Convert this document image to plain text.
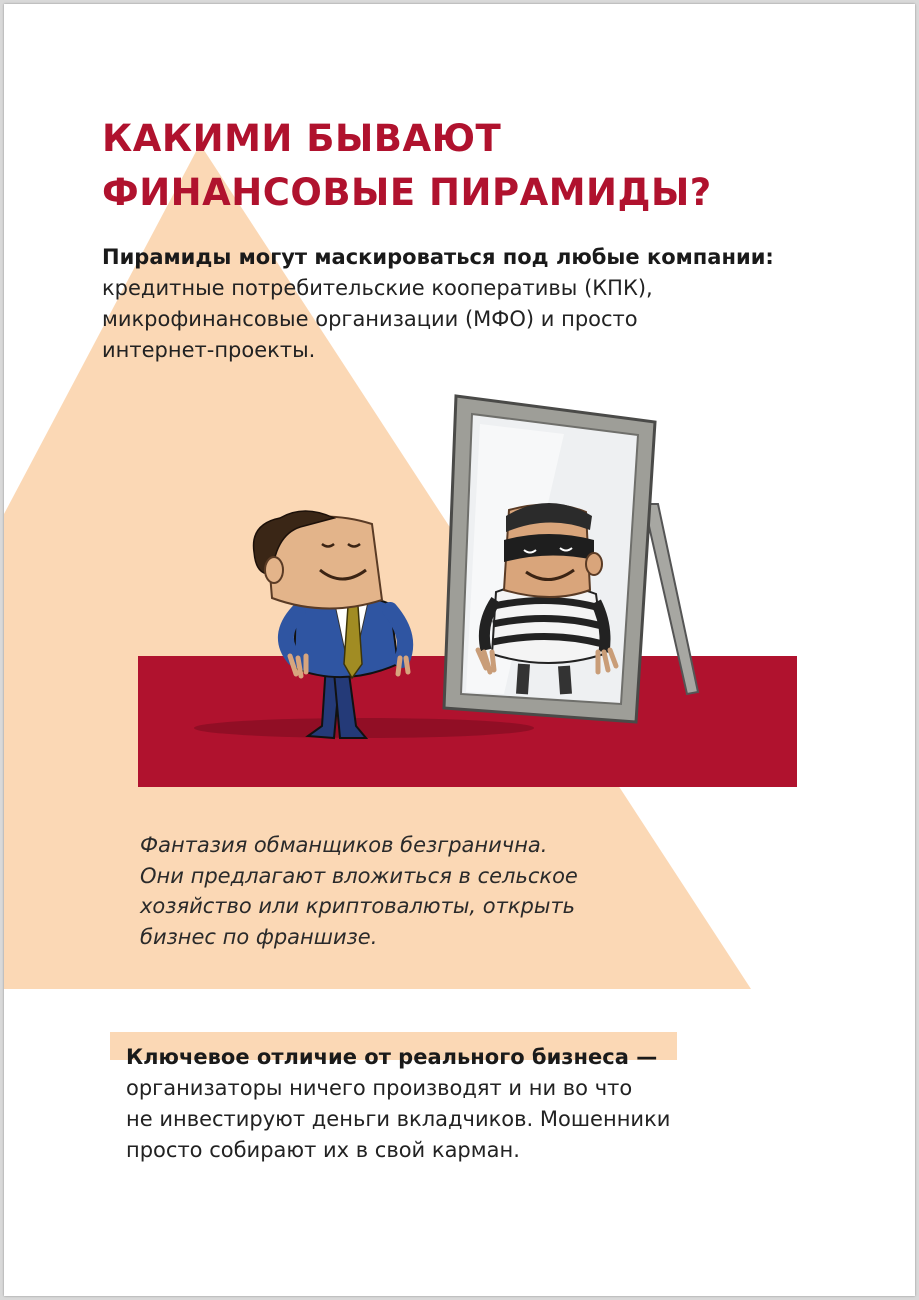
КАКИМИ БЫВАЮТ
ФИНАНСОВЫЕ ПИРАМИДЫ?
Пирамиды могут маскироваться под любые компании:
кредитные потребительские кооперативы (КПК),
микрофинансовые организации (МФО) и просто
интернет-проекты.
Фантазия обманщиков безгранична.
Они предлагают вложиться в сельское
хозяйство или криптовалюты, открыть
бизнес по франшизе.
Ключевое отличие от реального бизнеса —
организаторы ничего производят и ни во что
не инвестируют деньги вкладчиков. Мошенники
просто собирают их в свой карман.
